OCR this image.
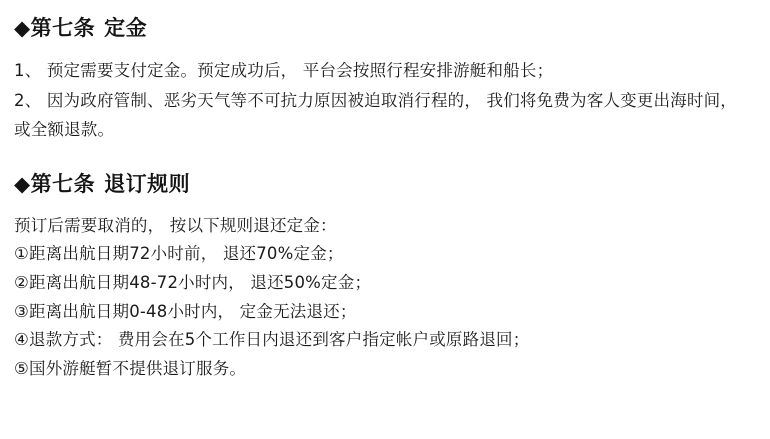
◆第七条 定金
1、 预定需要支付定金。预定成功后， 平台会按照行程安排游艇和船长；
2、 因为政府管制、恶劣天气等不可抗力原因被迫取消行程的， 我们将免费为客人变更出海时间， 或全额退款。
◆第七条 退订规则
预订后需要取消的， 按以下规则退还定金：
①距离出航日期72小时前， 退还70%定金；
②距离出航日期48-72小时内， 退还50%定金；
③距离出航日期0-48小时内， 定金无法退还；
④退款方式： 费用会在5个工作日内退还到客户指定帐户或原路退回；
⑤国外游艇暂不提供退订服务。
